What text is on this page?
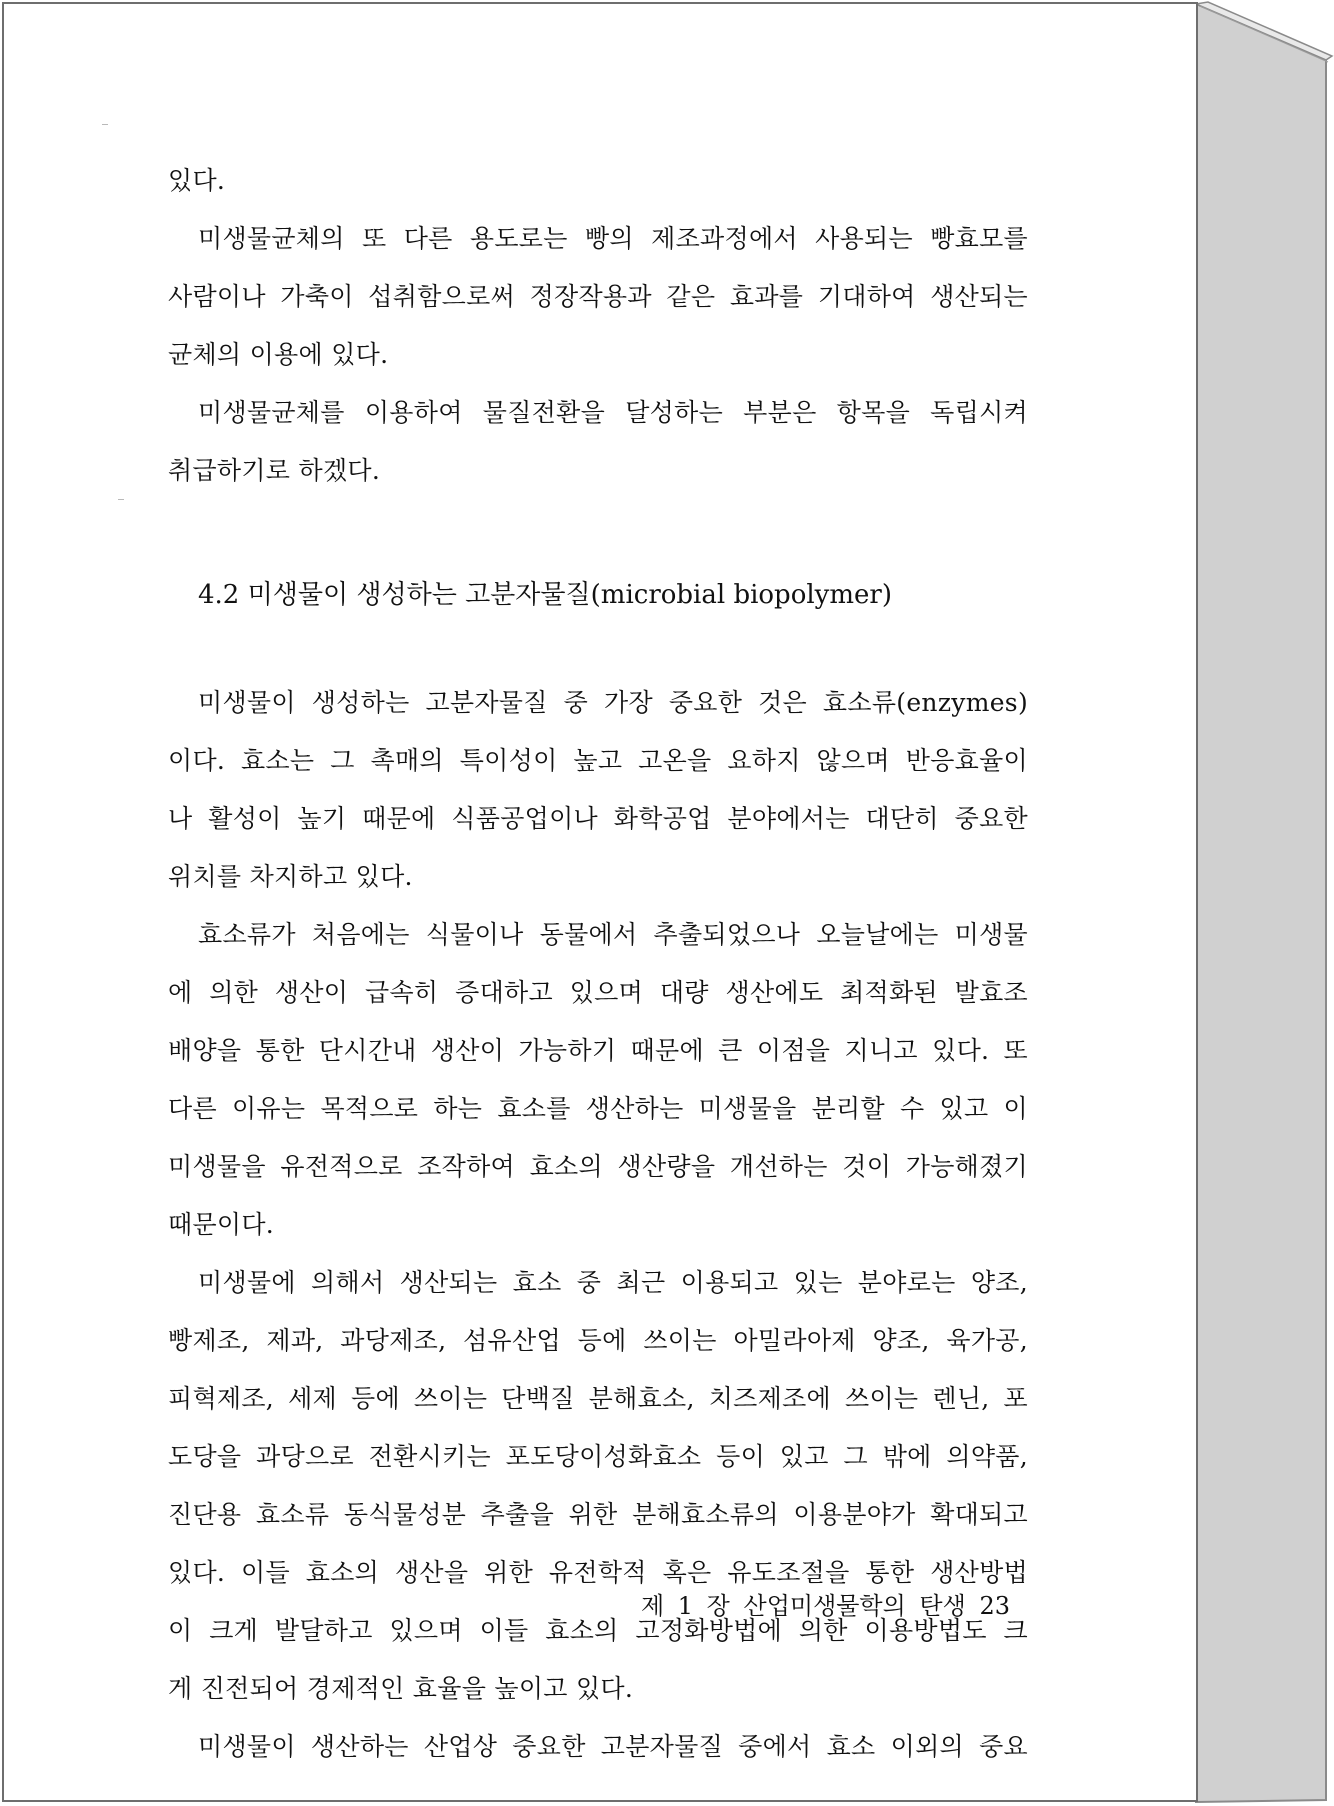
있다.
미생물균체의 또 다른 용도로는 빵의 제조과정에서 사용되는 빵효모를
사람이나 가축이 섭취함으로써 정장작용과 같은 효과를 기대하여 생산되는
균체의 이용에 있다.
미생물균체를 이용하여 물질전환을 달성하는 부분은 항목을 독립시켜
취급하기로 하겠다.
4.2 미생물이 생성하는 고분자물질(microbial biopolymer)
미생물이 생성하는 고분자물질 중 가장 중요한 것은 효소류(enzymes)
이다. 효소는 그 촉매의 특이성이 높고 고온을 요하지 않으며 반응효율이
나 활성이 높기 때문에 식품공업이나 화학공업 분야에서는 대단히 중요한
위치를 차지하고 있다.
효소류가 처음에는 식물이나 동물에서 추출되었으나 오늘날에는 미생물
에 의한 생산이 급속히 증대하고 있으며 대량 생산에도 최적화된 발효조
배양을 통한 단시간내 생산이 가능하기 때문에 큰 이점을 지니고 있다. 또
다른 이유는 목적으로 하는 효소를 생산하는 미생물을 분리할 수 있고 이
미생물을 유전적으로 조작하여 효소의 생산량을 개선하는 것이 가능해졌기
때문이다.
미생물에 의해서 생산되는 효소 중 최근 이용되고 있는 분야로는 양조,
빵제조, 제과, 과당제조, 섬유산업 등에 쓰이는 아밀라아제 양조, 육가공,
피혁제조, 세제 등에 쓰이는 단백질 분해효소, 치즈제조에 쓰이는 렌닌, 포
도당을 과당으로 전환시키는 포도당이성화효소 등이 있고 그 밖에 의약품,
진단용 효소류 동식물성분 추출을 위한 분해효소류의 이용분야가 확대되고
있다. 이들 효소의 생산을 위한 유전학적 혹은 유도조절을 통한 생산방법
이 크게 발달하고 있으며 이들 효소의 고정화방법에 의한 이용방법도 크
게 진전되어 경제적인 효율을 높이고 있다.
미생물이 생산하는 산업상 중요한 고분자물질 중에서 효소 이외의 중요
제 1 장 산업미생물학의 탄생 23
